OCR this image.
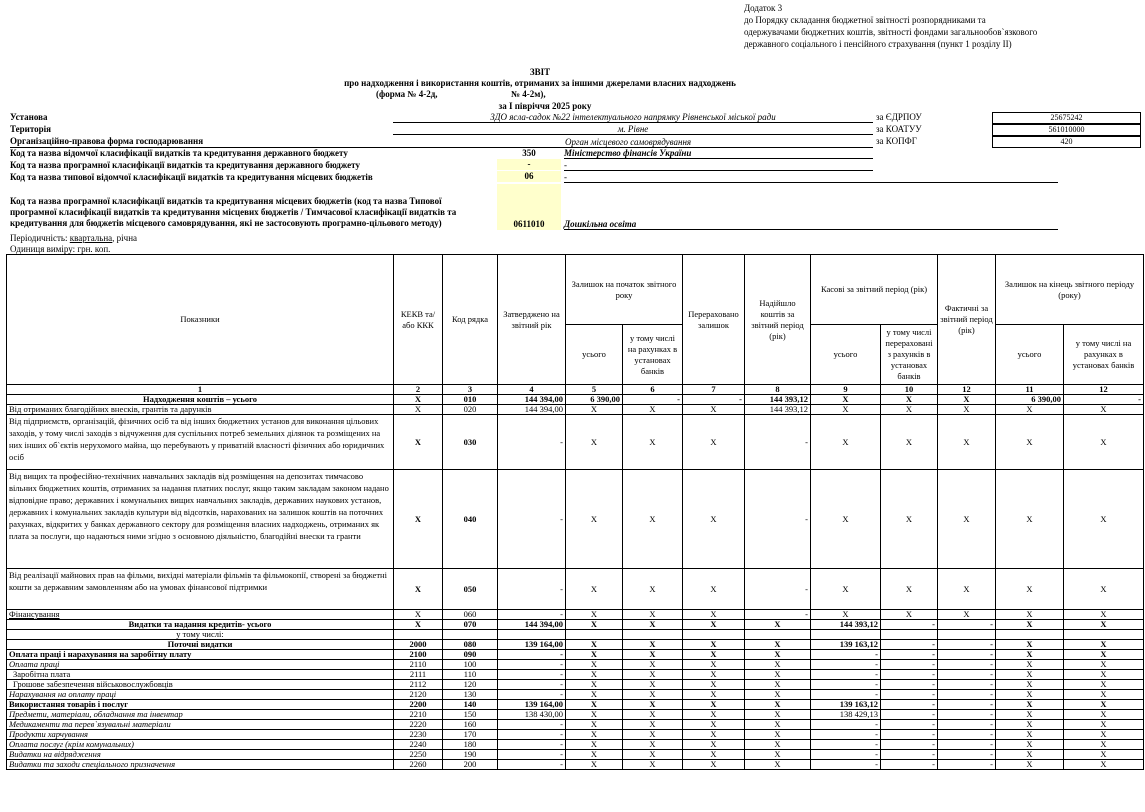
Додаток 3
до Порядку складання бюджетної звітності розпорядниками та
одержувачами бюджетних коштів, звітності фондами загальнообов`язкового
державного соціального і пенсійного страхування (пункт 1 розділу II)
ЗВІТ
про надходження і використання коштів, отриманих за іншими джерелами власних надходжень
(форма № 4-2д,	№ 4-2м),
за І півріччя 2025 року
Установа	ЗДО ясла-садок №22 інтелектуального напрямку Рівненської міської ради
Територія	м. Рівне
Організаційно-правова форма господарювання	Орган місцевого самоврядування
Код та назва відомчої класифікації видатків та кредитування державного бюджету	350	Міністерство фінансів України
Код та назва програмної класифікації видатків та кредитування державного бюджету	-	-
Код та назва типової відомчої класифікації видатків та кредитування місцевих бюджетів	06	-
Код та назва програмної класифікації видатків та кредитування місцевих бюджетів (код та назва Типової програмної класифікації видатків та кредитування місцевих бюджетів / Тимчасової класифікації видатків та кредитування для бюджетів місцевого самоврядування, які не застосовують програмно-цільового методу)	0611010	Дошкільна освіта
Періодичність: квартальна, річна
Одиниця виміру: грн. коп.
за ЄДРПОУ	25675242
за КОАТУУ	561010000
за КОПФГ	420
Показники	КЕКВ та/або ККК	Код рядка	Затверджено на звітний рік	Залишок на початок звітного року		Перераховано залишок	Надійшло коштів за звітний період (рік)	Касові за звітний період (рік)		Фактичні за звітний період (рік)	Залишок на кінець звітного періоду (року)	
				усього	у тому числі на рахунках в установах банків			усього	у тому числі перераховані з рахунків в установах банків		усього	у тому числі на рахунках в установах банків
1	2	3	4	5	6	7	8	9	10	12	11	12
Надходження коштів – усього	X	010	144 394,00	6 390,00	-	-	144 393,12	X	X	X	6 390,00	-
Від отриманих благодійних внесків, грантів та дарунків	X	020	144 394,00	X	X	X	144 393,12	X	X	X	X	X
Від підприємств, організацій, фізичних осіб та від інших бюджетних установ для виконання цільових заходів, у тому числі заходів з відчуження для суспільних потреб земельних ділянок та розміщених на них інших об`єктів нерухомого майна, що перебувають у приватній власності фізичних або юридичних осіб	X	030	-	X	X	X	-	X	X	X	X	X
Від вищих та професійно-технічних навчальних закладів від розміщення на депозитах тимчасово вільних бюджетних коштів, отриманих за надання платних послуг, якщо таким закладам законом надано відповідне право; державних і комунальних вищих навчальних закладів, державних наукових установ, державних і комунальних закладів культури від відсотків, нарахованих на залишок коштів на поточних рахунках, відкритих у банках державного сектору для розміщення власних надходжень, отриманих як плата за послуги, що надаються ними згідно з основною діяльністю, благодійні внески та гранти	X	040	-	X	X	X	-	X	X	X	X	X
Від реалізації майнових прав на фільми, вихідні матеріали фільмів та фільмокопії, створені за бюджетні кошти за державним замовленням або на умовах фінансової підтримки	X	050	-	X	X	X	-	X	X	X	X	X
Фінансування	X	060	-	X	X	X	-	X	X	X	X	X
Видатки та надання кредитів- усього	X	070	144 394,00	X	X	X	X	144 393,12	-	-	X	X
у тому числі:												
Поточні видатки	2000	080	139 164,00	X	X	X	X	139 163,12	-	-	X	X
Оплата праці і нарахування на заробітну плату	2100	090	-	X	X	X	X	-	-	-	X	X
Оплата праці	2110	100	-	X	X	X	X	-	-	-	X	X
Заробітна плата	2111	110	-	X	X	X	X	-	-	-	X	X
Грошове забезпечення військовослужбовців	2112	120	-	X	X	X	X	-	-	-	X	X
Нарахування на оплату праці	2120	130	-	X	X	X	X	-	-	-	X	X
Використання товарів і послуг	2200	140	139 164,00	X	X	X	X	139 163,12	-	-	X	X
Предмети, матеріали, обладнання та інвентар	2210	150	138 430,00	X	X	X	X	138 429,13	-	-	X	X
Медикаменти та перев`язувальні матеріали	2220	160	-	X	X	X	X	-	-	-	X	X
Продукти харчування	2230	170	-	X	X	X	X	-	-	-	X	X
Оплата послуг (крім комунальних)	2240	180	-	X	X	X	X	-	-	-	X	X
Видатки на відрядження	2250	190	-	X	X	X	X	-	-	-	X	X
Видатки та заходи спеціального призначення	2260	200	-	X	X	X	X	-	-	-	X	X
